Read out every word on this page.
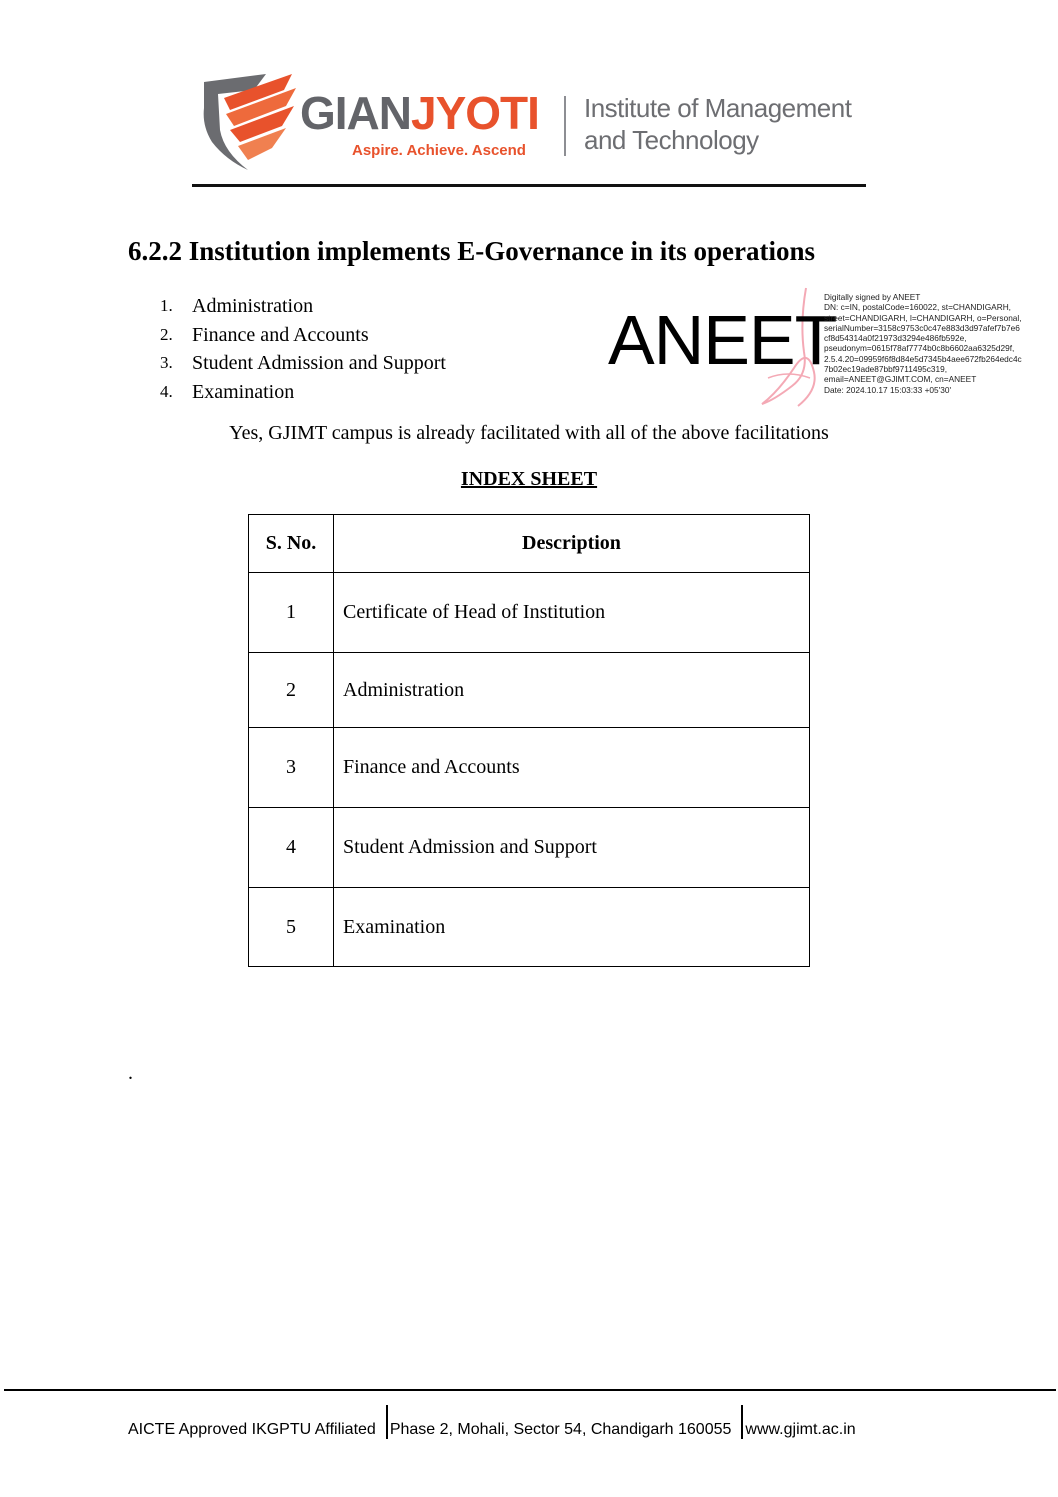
GIANJYOTI
Aspire. Achieve. Ascend
Institute of Management
and Technology
6.2.2 Institution implements E-Governance in its operations
1. Administration
2. Finance and Accounts
3. Student Admission and Support
4. Examination
ANEET
Digitally signed by ANEET
DN: c=IN, postalCode=160022, st=CHANDIGARH,
street=CHANDIGARH, l=CHANDIGARH, o=Personal,
serialNumber=3158c9753c0c47e883d3d97afef7b7e6
cf8d54314a0f21973d3294e486fb592e,
pseudonym=0615f78af7774b0c8b6602aa6325d29f,
2.5.4.20=09959f6f8d84e5d7345b4aee672fb264edc4c
7b02ec19ade87bbf9711495c319,
email=ANEET@GJIMT.COM, cn=ANEET
Date: 2024.10.17 15:03:33 +05'30'

Yes, GJIMT campus is already facilitated with all of the above facilitations

INDEX SHEET
S. No.	Description
1	Certificate of Head of Institution
2	Administration
3	Finance and Accounts
4	Student Admission and Support
5	Examination
.
AICTE Approved IKGPTU Affiliated Phase 2, Mohali, Sector 54, Chandigarh 160055 www.gjimt.ac.in
